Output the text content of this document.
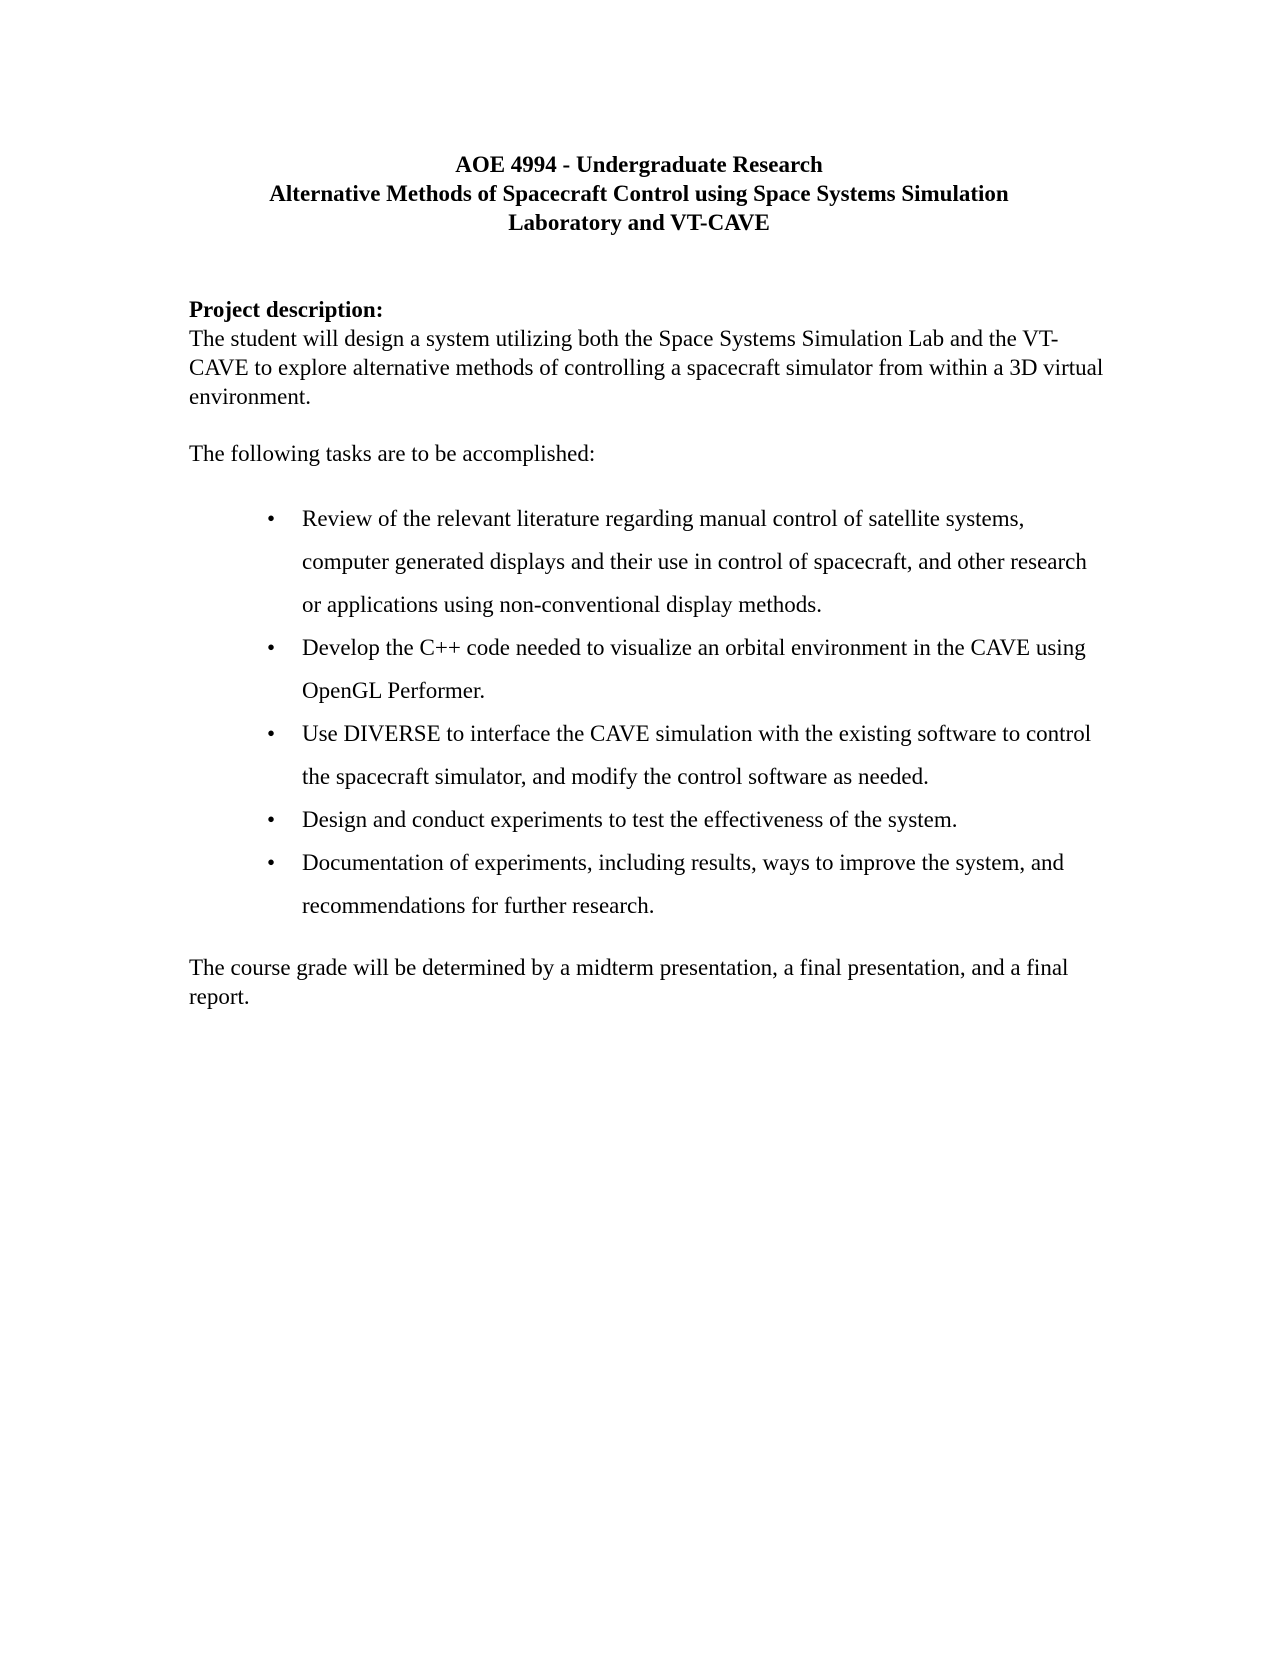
AOE 4994 - Undergraduate Research
Alternative Methods of Spacecraft Control using Space Systems Simulation
Laboratory and VT-CAVE

Project description:

The student will design a system utilizing both the Space Systems Simulation Lab and the VT-CAVE to explore alternative methods of controlling a spacecraft simulator from within a 3D virtual environment.

The following tasks are to be accomplished:

• Review of the relevant literature regarding manual control of satellite systems, computer generated displays and their use in control of spacecraft, and other research or applications using non-conventional display methods.
• Develop the C++ code needed to visualize an orbital environment in the CAVE using OpenGL Performer.
• Use DIVERSE to interface the CAVE simulation with the existing software to control the spacecraft simulator, and modify the control software as needed.
• Design and conduct experiments to test the effectiveness of the system.
• Documentation of experiments, including results, ways to improve the system, and recommendations for further research.

The course grade will be determined by a midterm presentation, a final presentation, and a final report.
